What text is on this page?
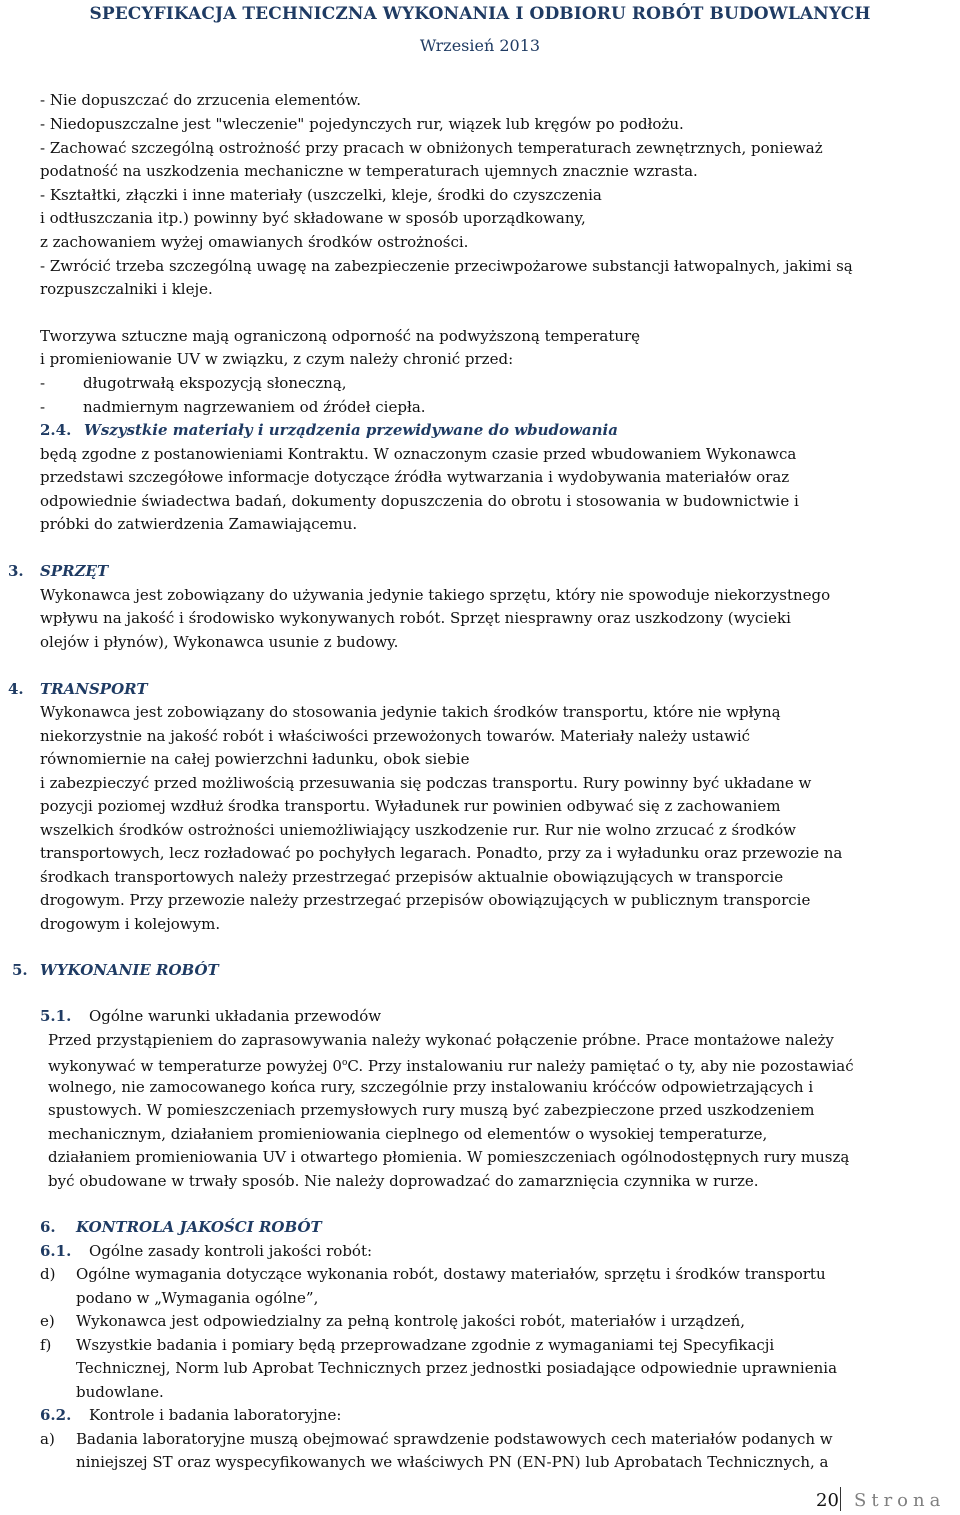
SPECYFIKACJA TECHNICZNA WYKONANIA I ODBIORU ROBÓT BUDOWLANYCH
Wrzesień 2013
- Nie dopuszczać do zrzucenia elementów.
- Niedopuszczalne jest "wleczenie" pojedynczych rur, wiązek lub kręgów po podłożu.
- Zachować szczególną ostrożność przy pracach w obniżonych temperaturach zewnętrznych, ponieważ
podatność na uszkodzenia mechaniczne w temperaturach ujemnych znacznie wzrasta.
- Kształtki, złączki i inne materiały (uszczelki, kleje, środki do czyszczenia
i odtłuszczania itp.) powinny być składowane w sposób uporządkowany,
z zachowaniem wyżej omawianych środków ostrożności.
- Zwrócić trzeba szczególną uwagę na zabezpieczenie przeciwpożarowe substancji łatwopalnych, jakimi są
rozpuszczalniki i kleje.
Tworzywa sztuczne mają ograniczoną odporność na podwyższoną temperaturę
i promieniowanie UV w związku, z czym należy chronić przed:
-	długotrwałą ekspozycją słoneczną,
-	nadmiernym nagrzewaniem od źródeł ciepła.
2.4. Wszystkie materiały i urządzenia przewidywane do wbudowania
będą zgodne z postanowieniami Kontraktu. W oznaczonym czasie przed wbudowaniem Wykonawca
przedstawi szczegółowe informacje dotyczące źródła wytwarzania i wydobywania materiałów oraz
odpowiednie świadectwa badań, dokumenty dopuszczenia do obrotu i stosowania w budownictwie i
próbki do zatwierdzenia Zamawiającemu.
3. SPRZĘT
Wykonawca jest zobowiązany do używania jedynie takiego sprzętu, który nie spowoduje niekorzystnego
wpływu na jakość i środowisko wykonywanych robót. Sprzęt niesprawny oraz uszkodzony (wycieki
olejów i płynów), Wykonawca usunie z budowy.
4. TRANSPORT
Wykonawca jest zobowiązany do stosowania jedynie takich środków transportu, które nie wpłyną
niekorzystnie na jakość robót i właściwości przewożonych towarów. Materiały należy ustawić
równomiernie na całej powierzchni ładunku, obok siebie
i zabezpieczyć przed możliwością przesuwania się podczas transportu. Rury powinny być układane w
pozycji poziomej wzdłuż środka transportu. Wyładunek rur powinien odbywać się z zachowaniem
wszelkich środków ostrożności uniemożliwiający uszkodzenie rur. Rur nie wolno zrzucać z środków
transportowych, lecz rozładować po pochyłych legarach. Ponadto, przy za i wyładunku oraz przewozie na
środkach transportowych należy przestrzegać przepisów aktualnie obowiązujących w transporcie
drogowym. Przy przewozie należy przestrzegać przepisów obowiązujących w publicznym transporcie
drogowym i kolejowym.
5. WYKONANIE ROBÓT
5.1. Ogólne warunki układania przewodów
Przed przystąpieniem do zaprasowywania należy wykonać połączenie próbne. Prace montażowe należy
wykonywać w temperaturze powyżej 0$^o$C. Przy instalowaniu rur należy pamiętać o ty, aby nie pozostawiać
wolnego, nie zamocowanego końca rury, szczególnie przy instalowaniu króćców odpowietrzających i
spustowych. W pomieszczeniach przemysłowych rury muszą być zabezpieczone przed uszkodzeniem
mechanicznym, działaniem promieniowania cieplnego od elementów o wysokiej temperaturze,
działaniem promieniowania UV i otwartego płomienia. W pomieszczeniach ogólnodostępnych rury muszą
być obudowane w trwały sposób. Nie należy doprowadzać do zamarznięcia czynnika w rurze.
6. KONTROLA JAKOŚCI ROBÓT
6.1. Ogólne zasady kontroli jakości robót:
d) Ogólne wymagania dotyczące wykonania robót, dostawy materiałów, sprzętu i środków transportu
podano w „Wymagania ogólne”,
e) Wykonawca jest odpowiedzialny za pełną kontrolę jakości robót, materiałów i urządzeń,
f) Wszystkie badania i pomiary będą przeprowadzane zgodnie z wymaganiami tej Specyfikacji
Technicznej, Norm lub Aprobat Technicznych przez jednostki posiadające odpowiednie uprawnienia
budowlane.
6.2. Kontrole i badania laboratoryjne:
a) Badania laboratoryjne muszą obejmować sprawdzenie podstawowych cech materiałów podanych w
niniejszej ST oraz wyspecyfikowanych we właściwych PN (EN-PN) lub Aprobatach Technicznych, a
20 Strona
